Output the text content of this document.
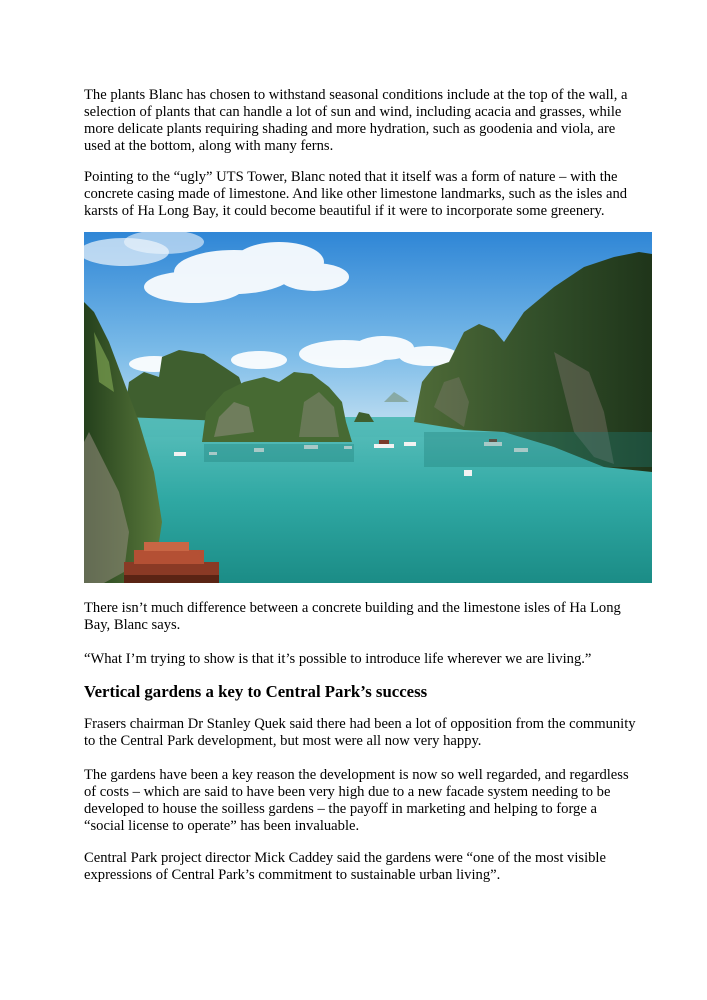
The plants Blanc has chosen to withstand seasonal conditions include at the top of the wall, a
selection of plants that can handle a lot of sun and wind, including acacia and grasses, while
more delicate plants requiring shading and more hydration, such as goodenia and viola, are
used at the bottom, along with many ferns.

Pointing to the “ugly” UTS Tower, Blanc noted that it itself was a form of nature – with the
concrete casing made of limestone. And like other limestone landmarks, such as the isles and
karsts of Ha Long Bay, it could become beautiful if it were to incorporate some greenery.

There isn’t much difference between a concrete building and the limestone isles of Ha Long
Bay, Blanc says.

“What I’m trying to show is that it’s possible to introduce life wherever we are living.”

Vertical gardens a key to Central Park’s success

Frasers chairman Dr Stanley Quek said there had been a lot of opposition from the community
to the Central Park development, but most were all now very happy.

The gardens have been a key reason the development is now so well regarded, and regardless
of costs – which are said to have been very high due to a new facade system needing to be
developed to house the soilless gardens – the payoff in marketing and helping to forge a
“social license to operate” has been invaluable.

Central Park project director Mick Caddey said the gardens were “one of the most visible
expressions of Central Park’s commitment to sustainable urban living”.
